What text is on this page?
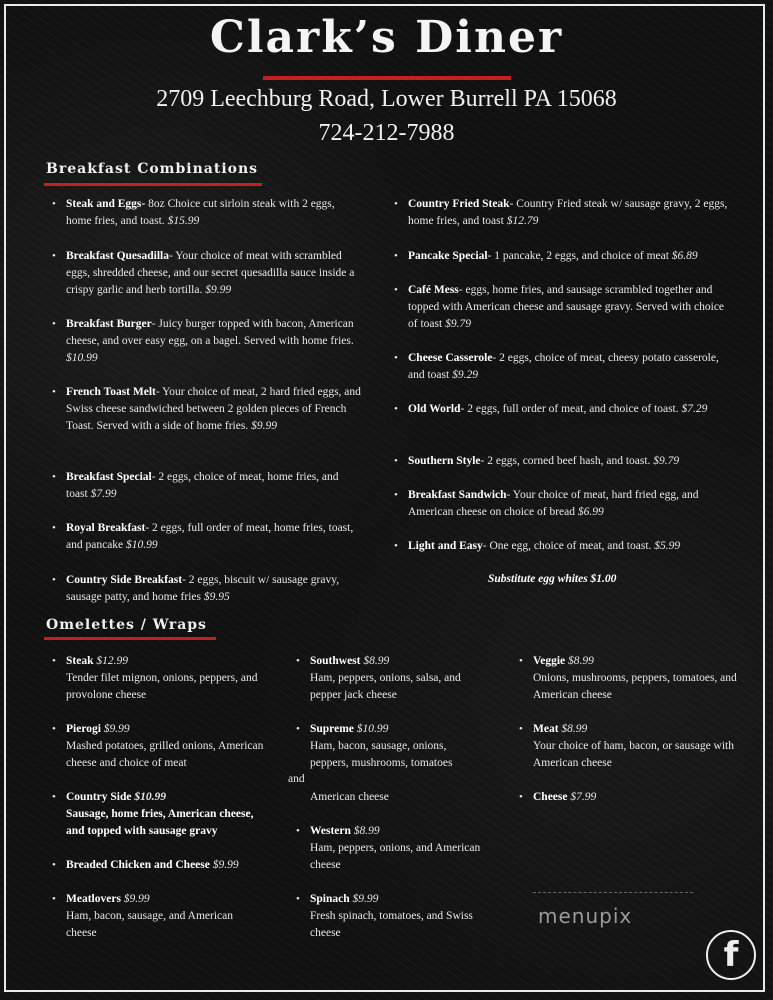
Clark’s Diner
2709 Leechburg Road, Lower Burrell PA 15068
724-212-7988
Breakfast Combinations
• Steak and Eggs- 8oz Choice cut sirloin steak with 2 eggs, home fries, and toast. $15.99
• Breakfast Quesadilla- Your choice of meat with scrambled eggs, shredded cheese, and our secret quesadilla sauce inside a crispy garlic and herb tortilla. $9.99
• Breakfast Burger- Juicy burger topped with bacon, American cheese, and over easy egg, on a bagel. Served with home fries. $10.99
• French Toast Melt- Your choice of meat, 2 hard fried eggs, and Swiss cheese sandwiched between 2 golden pieces of French Toast. Served with a side of home fries. $9.99
• Breakfast Special- 2 eggs, choice of meat, home fries, and toast $7.99
• Royal Breakfast- 2 eggs, full order of meat, home fries, toast, and pancake $10.99
• Country Side Breakfast- 2 eggs, biscuit w/ sausage gravy, sausage patty, and home fries $9.95
• Country Fried Steak- Country Fried steak w/ sausage gravy, 2 eggs, home fries, and toast $12.79
• Pancake Special- 1 pancake, 2 eggs, and choice of meat $6.89
• Café Mess- eggs, home fries, and sausage scrambled together and topped with American cheese and sausage gravy. Served with choice of toast $9.79
• Cheese Casserole- 2 eggs, choice of meat, cheesy potato casserole, and toast $9.29
• Old World- 2 eggs, full order of meat, and choice of toast. $7.29
• Southern Style- 2 eggs, corned beef hash, and toast. $9.79
• Breakfast Sandwich- Your choice of meat, hard fried egg, and American cheese on choice of bread $6.99
• Light and Easy- One egg, choice of meat, and toast. $5.99
Substitute egg whites $1.00
Omelettes / Wraps
• Steak $12.99
Tender filet mignon, onions, peppers, and provolone cheese
• Pierogi $9.99
Mashed potatoes, grilled onions, American cheese and choice of meat
• Country Side $10.99
Sausage, home fries, American cheese, and topped with sausage gravy
• Breaded Chicken and Cheese $9.99
• Meatlovers $9.99
Ham, bacon, sausage, and American cheese
• Southwest $8.99
Ham, peppers, onions, salsa, and pepper jack cheese
• Supreme $10.99
Ham, bacon, sausage, onions, peppers, mushrooms, tomatoes
• Western $8.99
Ham, peppers, onions, and American cheese
• Spinach $9.99
Fresh spinach, tomatoes, and Swiss cheese
• Veggie $8.99
Onions, mushrooms, peppers, tomatoes, and American cheese
• Meat $8.99
Your choice of ham, bacon, or sausage with American cheese
• Cheese $7.99
and
American cheese
menupix
f
